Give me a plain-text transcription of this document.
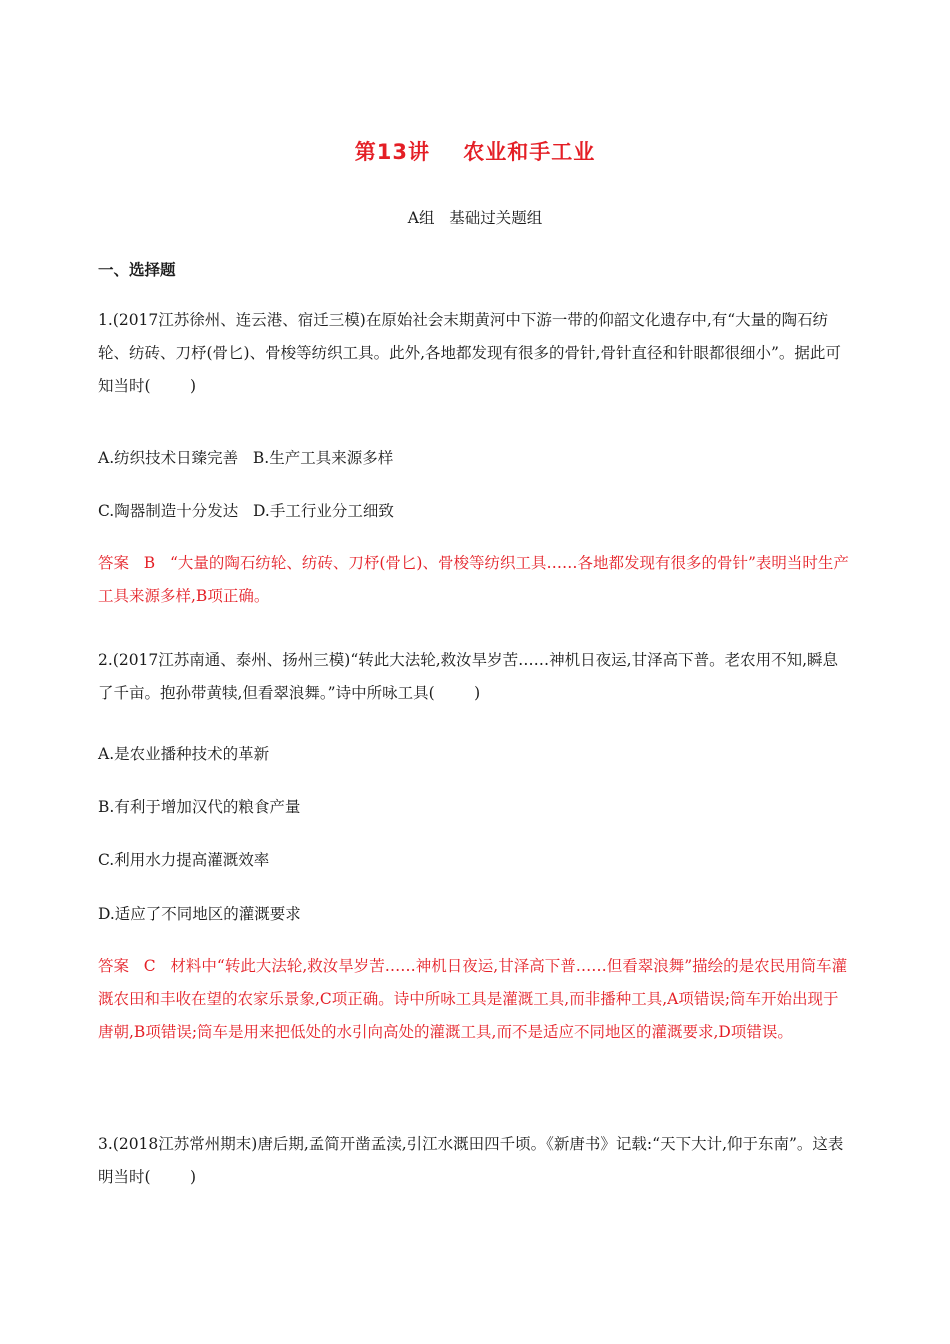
第13讲    农业和手工业
A组   基础过关题组
一、选择题
1.(2017江苏徐州、连云港、宿迁三模)在原始社会末期黄河中下游一带的仰韶文化遗存中,有“大量的陶石纺轮、纺砖、刀杼(骨匕)、骨梭等纺织工具。此外,各地都发现有很多的骨针,骨针直径和针眼都很细小”。据此可知当时(        )
A.纺织技术日臻完善   B.生产工具来源多样
C.陶器制造十分发达   D.手工行业分工细致
答案   B   “大量的陶石纺轮、纺砖、刀杼(骨匕)、骨梭等纺织工具……各地都发现有很多的骨针”表明当时生产工具来源多样,B项正确。
2.(2017江苏南通、泰州、扬州三模)“转此大法轮,救汝旱岁苦……神机日夜运,甘泽高下普。老农用不知,瞬息了千亩。抱孙带黄犊,但看翠浪舞。”诗中所咏工具(        )
A.是农业播种技术的革新
B.有利于增加汉代的粮食产量
C.利用水力提高灌溉效率
D.适应了不同地区的灌溉要求
答案   C   材料中“转此大法轮,救汝旱岁苦……神机日夜运,甘泽高下普……但看翠浪舞”描绘的是农民用筒车灌溉农田和丰收在望的农家乐景象,C项正确。诗中所咏工具是灌溉工具,而非播种工具,A项错误;筒车开始出现于唐朝,B项错误;筒车是用来把低处的水引向高处的灌溉工具,而不是适应不同地区的灌溉要求,D项错误。
3.(2018江苏常州期末)唐后期,孟简开凿孟渎,引江水溉田四千顷。《新唐书》记载:“天下大计,仰于东南”。这表明当时(        )
